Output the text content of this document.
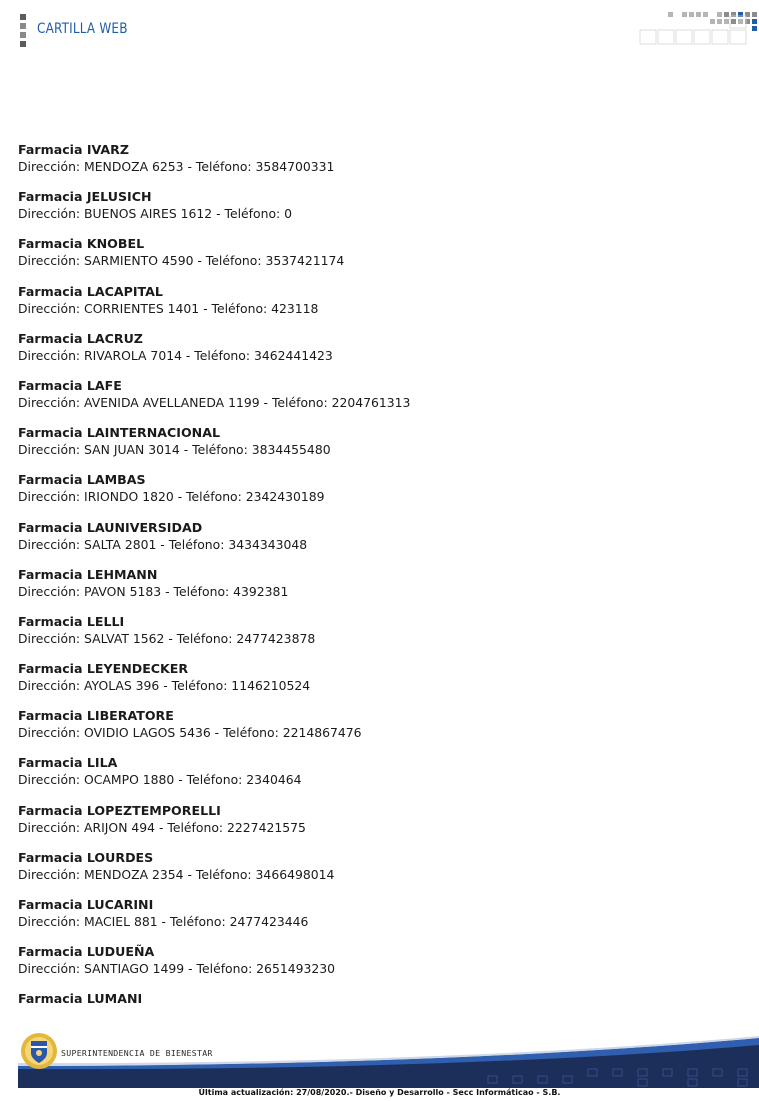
CARTILLA WEB
Farmacia IVARZ
Dirección: MENDOZA 6253 - Teléfono: 3584700331
Farmacia JELUSICH
Dirección: BUENOS AIRES 1612 - Teléfono: 0
Farmacia KNOBEL
Dirección: SARMIENTO 4590 - Teléfono: 3537421174
Farmacia LACAPITAL
Dirección: CORRIENTES 1401 - Teléfono: 423118
Farmacia LACRUZ
Dirección: RIVAROLA 7014 - Teléfono: 3462441423
Farmacia LAFE
Dirección: AVENIDA AVELLANEDA 1199 - Teléfono: 2204761313
Farmacia LAINTERNACIONAL
Dirección: SAN JUAN 3014 - Teléfono: 3834455480
Farmacia LAMBAS
Dirección: IRIONDO 1820 - Teléfono: 2342430189
Farmacia LAUNIVERSIDAD
Dirección: SALTA 2801 - Teléfono: 3434343048
Farmacia LEHMANN
Dirección: PAVON 5183 - Teléfono: 4392381
Farmacia LELLI
Dirección: SALVAT 1562 - Teléfono: 2477423878
Farmacia LEYENDECKER
Dirección: AYOLAS 396 - Teléfono: 1146210524
Farmacia LIBERATORE
Dirección: OVIDIO LAGOS 5436 - Teléfono: 2214867476
Farmacia LILA
Dirección: OCAMPO 1880 - Teléfono: 2340464
Farmacia LOPEZTEMPORELLI
Dirección: ARIJON 494 - Teléfono: 2227421575
Farmacia LOURDES
Dirección: MENDOZA 2354 - Teléfono: 3466498014
Farmacia LUCARINI
Dirección: MACIEL 881 - Teléfono: 2477423446
Farmacia LUDUEÑA
Dirección: SANTIAGO 1499 - Teléfono: 2651493230
Farmacia LUMANI
SUPERINTENDENCIA DE BIENESTAR
Última actualización: 27/08/2020.- Diseño y Desarrollo - Secc Informáticao - S.B.
